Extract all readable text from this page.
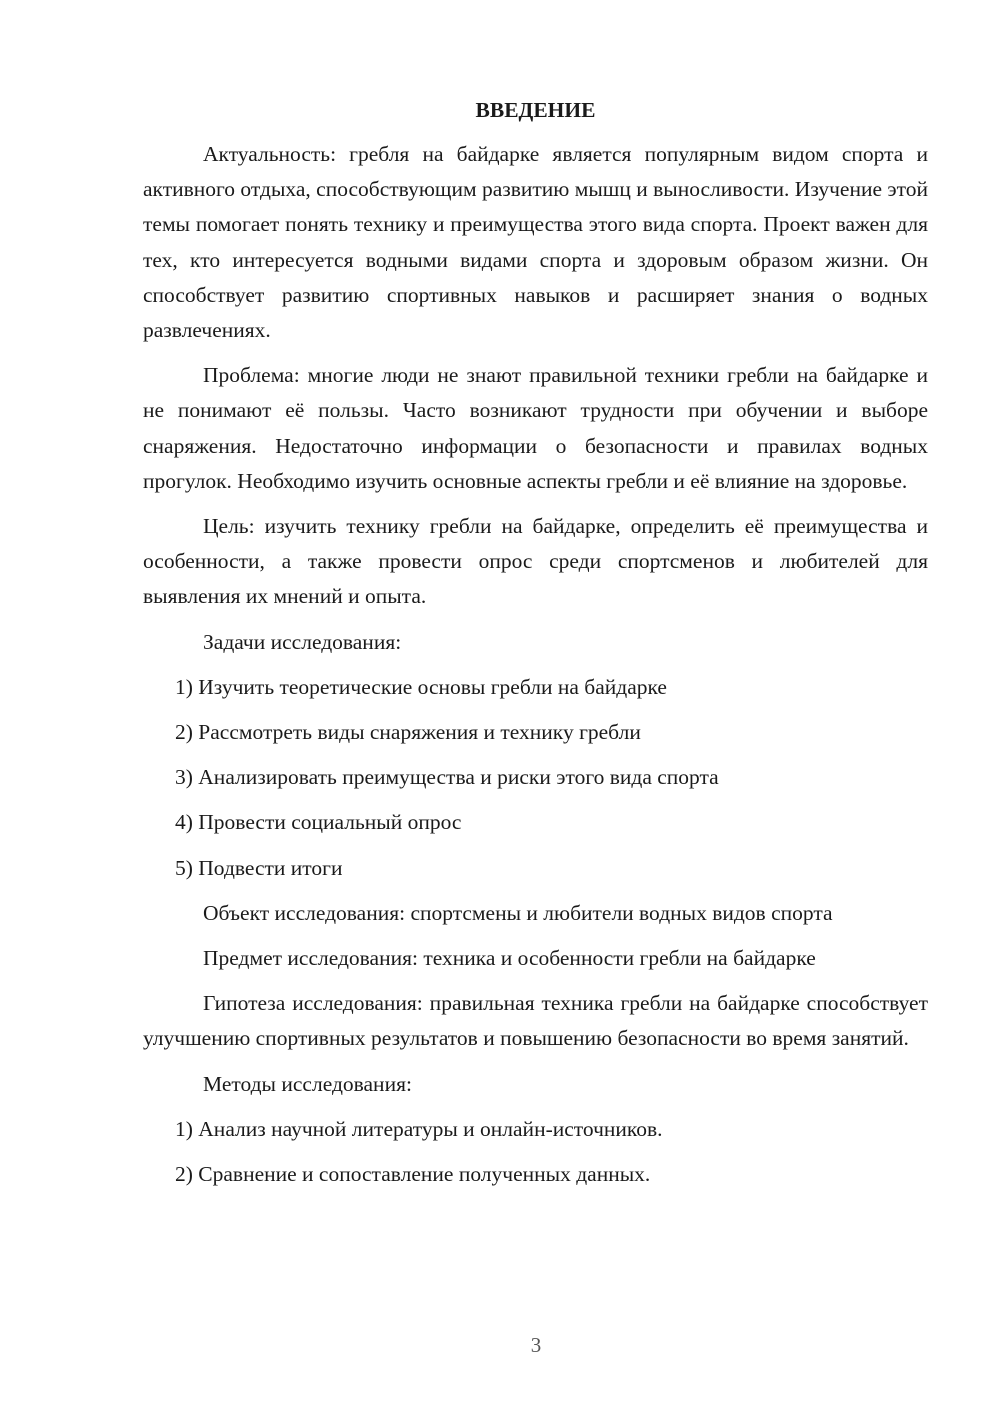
ВВЕДЕНИЕ
Актуальность: гребля на байдарке является популярным видом спорта и активного отдыха, способствующим развитию мышц и выносливости. Изучение этой темы помогает понять технику и преимущества этого вида спорта. Проект важен для тех, кто интересуется водными видами спорта и здоровым образом жизни. Он способствует развитию спортивных навыков и расширяет знания о водных развлечениях.
Проблема: многие люди не знают правильной техники гребли на байдарке и не понимают её пользы. Часто возникают трудности при обучении и выборе снаряжения. Недостаточно информации о безопасности и правилах водных прогулок. Необходимо изучить основные аспекты гребли и её влияние на здоровье.
Цель: изучить технику гребли на байдарке, определить её преимущества и особенности, а также провести опрос среди спортсменов и любителей для выявления их мнений и опыта.
Задачи исследования:
1) Изучить теоретические основы гребли на байдарке
2) Рассмотреть виды снаряжения и технику гребли
3) Анализировать преимущества и риски этого вида спорта
4) Провести социальный опрос
5) Подвести итоги
Объект исследования: спортсмены и любители водных видов спорта
Предмет исследования: техника и особенности гребли на байдарке
Гипотеза исследования: правильная техника гребли на байдарке способствует улучшению спортивных результатов и повышению безопасности во время занятий.
Методы исследования:
1) Анализ научной литературы и онлайн-источников.
2) Сравнение и сопоставление полученных данных.
3
